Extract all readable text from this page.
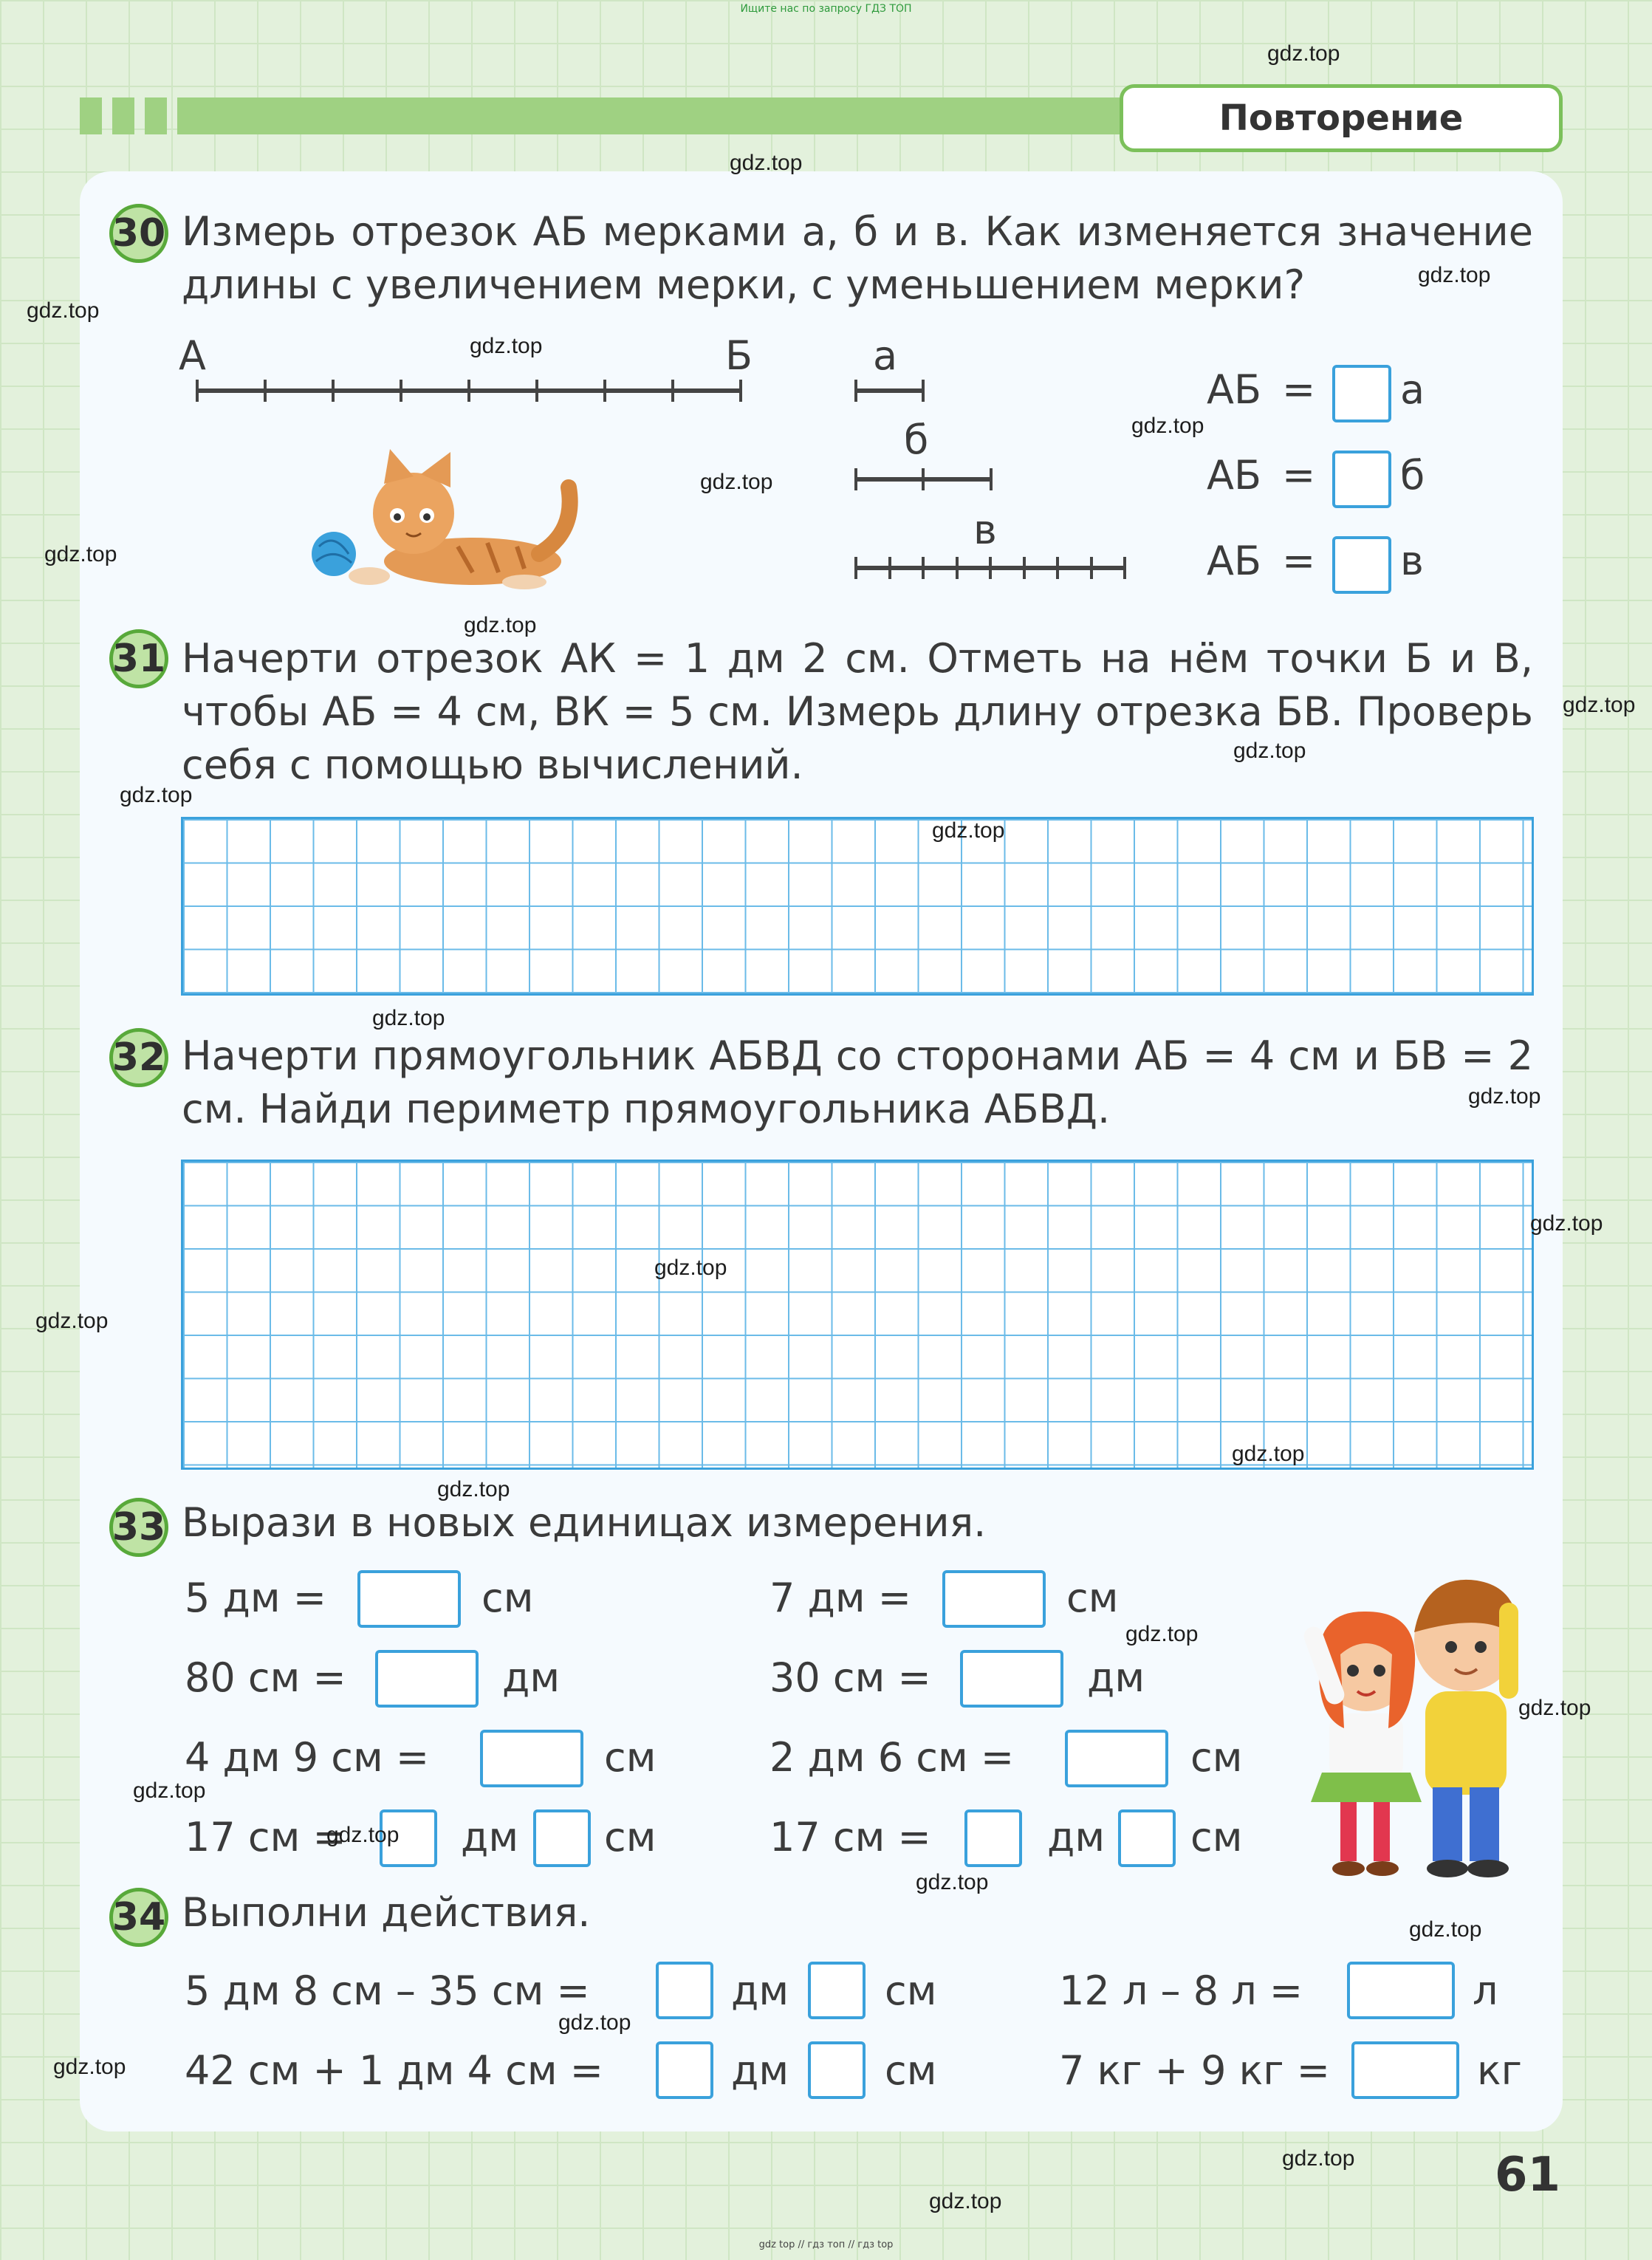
Ищите нас по запросу ГДЗ ТОП
Повторение
30 Измерь отрезок АБ мерками а, б и в. Как изменяется значение длины с увеличением мерки, с уменьшением мерки?
А	Б	а
б
в
АБ = а
АБ = б
АБ = в
31 Начерти отрезок АК = 1 дм 2 см. Отметь на нём точки Б и В, чтобы АБ = 4 см, ВК = 5 см. Измерь длину отрезка БВ. Проверь себя с помощью вычислений.
32 Начерти прямоугольник АБВД со сторонами АБ = 4 см и БВ = 2 см. Найди периметр прямоугольника АБВД.
33 Вырази в новых единицах измерения.
5 дм =	см	7 дм =	см
80 см =	дм	30 см =	дм
4 дм 9 см =	см	2 дм 6 см =	см
17 см =	дм см	17 см =	дм см
34 Выполни действия.
5 дм 8 см – 35 см =	дм см	12 л – 8 л =	л
42 см + 1 дм 4 см =	дм см	7 кг + 9 кг =	кг
61
gdz top // гдз топ // гдз top
gdz.top
gdz.top
gdz.top
gdz.top
gdz.top
gdz.top
gdz.top
gdz.top
gdz.top
gdz.top
gdz.top
gdz.top
gdz.top
gdz.top
gdz.top
gdz.top
gdz.top
gdz.top
gdz.top
gdz.top
gdz.top
gdz.top
gdz.top
gdz.top
gdz.top
gdz.top
gdz.top
gdz.top
gdz.top
gdz.top
